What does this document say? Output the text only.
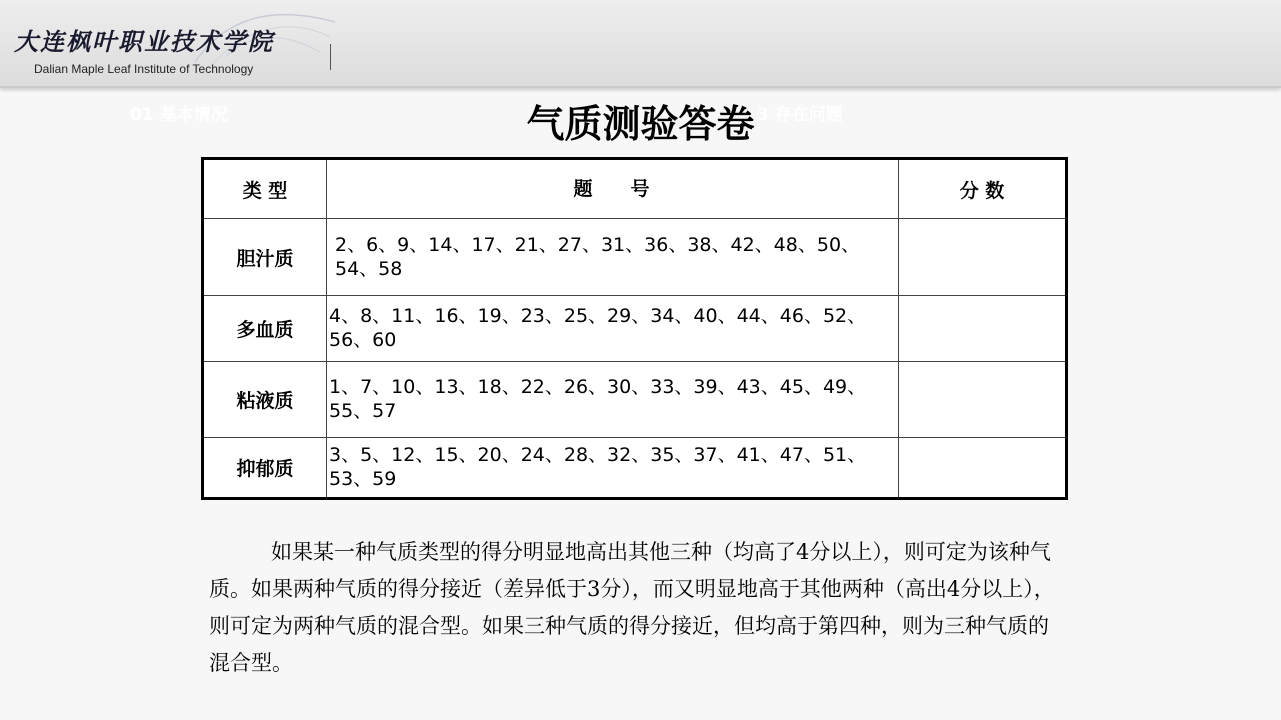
大连枫叶职业技术学院
Dalian Maple Leaf Institute of Technology
01 基本情况	3 存在问题
气质测验答卷
类 型	题　　号	分 数
胆汁质	2、6、9、14、17、21、27、31、36、38、42、48、50、54、58	
多血质	4、8、11、16、19、23、25、29、34、40、44、46、52、56、60	
粘液质	1、7、10、13、18、22、26、30、33、39、43、45、49、55、57	
抑郁质	3、5、12、15、20、24、28、32、35、37、41、47、51、53、59	

如果某一种气质类型的得分明显地高出其他三种（均高了4分以上），则可定为该种气质。如果两种气质的得分接近（差异低于3分），而又明显地高于其他两种（高出4分以上），则可定为两种气质的混合型。如果三种气质的得分接近，但均高于第四种，则为三种气质的混合型。
